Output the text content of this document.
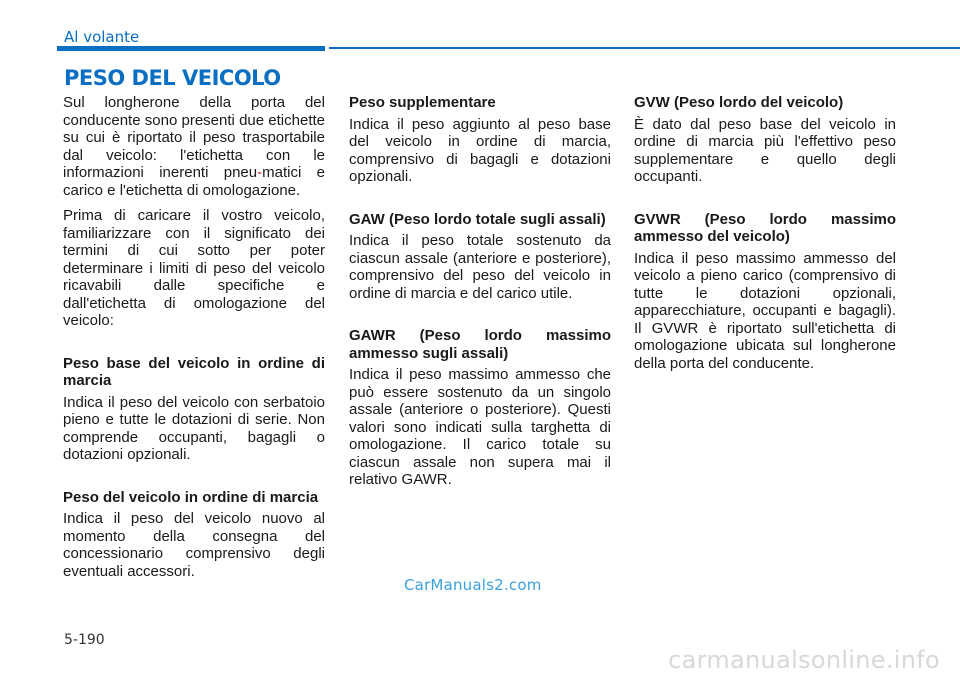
Al volante
PESO DEL VEICOLO

Sul longherone della porta del conducente sono presenti due etichette su cui è riportato il peso trasportabile dal veicolo: l'etichetta con le informazioni inerenti pneu-matici e carico e l'etichetta di omologazione.

Prima di caricare il vostro veicolo, familiarizzare con il significato dei termini di cui sotto per poter determinare i limiti di peso del veicolo ricavabili dalle specifiche e dall'etichetta di omologazione del veicolo:

Peso base del veicolo in ordine di marcia

Indica il peso del veicolo con serbatoio pieno e tutte le dotazioni di serie. Non comprende occupanti, bagagli o dotazioni opzionali.

Peso del veicolo in ordine di marcia

Indica il peso del veicolo nuovo al momento della consegna del concessionario comprensivo degli eventuali accessori.

Peso supplementare

Indica il peso aggiunto al peso base del veicolo in ordine di marcia, comprensivo di bagagli e dotazioni opzionali.

GAW (Peso lordo totale sugli assali)

Indica il peso totale sostenuto da ciascun assale (anteriore e posteriore), comprensivo del peso del veicolo in ordine di marcia e del carico utile.

GAWR (Peso lordo massimo ammesso sugli assali)

Indica il peso massimo ammesso che può essere sostenuto da un singolo assale (anteriore o posteriore). Questi valori sono indicati sulla targhetta di omologazione. Il carico totale su ciascun assale non supera mai il relativo GAWR.

GVW (Peso lordo del veicolo)

È dato dal peso base del veicolo in ordine di marcia più l'effettivo peso supplementare e quello degli occupanti.

GVWR (Peso lordo massimo ammesso del veicolo)

Indica il peso massimo ammesso del veicolo a pieno carico (comprensivo di tutte le dotazioni opzionali, apparecchiature, occupanti e bagagli). Il GVWR è riportato sull'etichetta di omologazione ubicata sul longherone della porta del conducente.

CarManuals2.com
5-190
carmanualsonline.info
